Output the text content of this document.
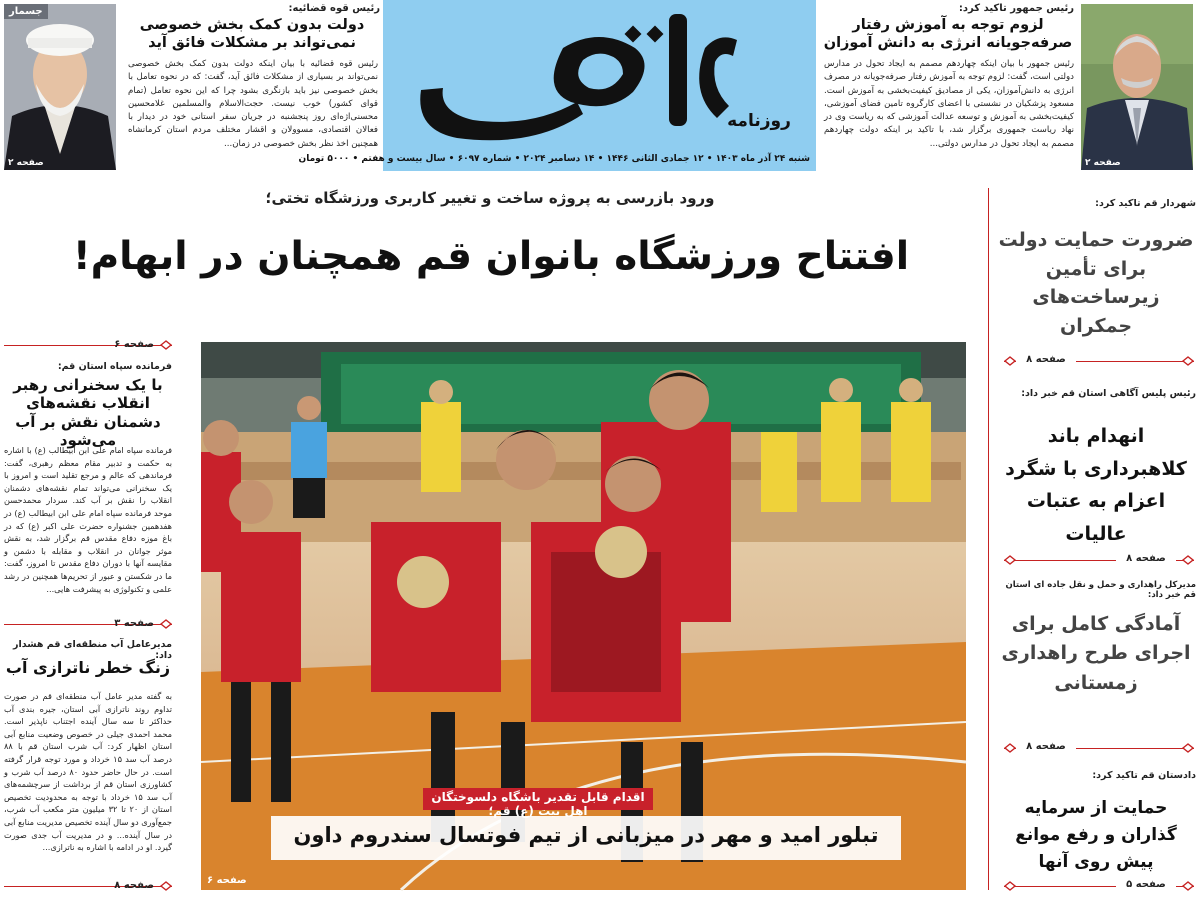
جسمار
صفحه ۲
رئیس قوه قضائیه:
دولت بدون کمک بخش خصوصی نمی‌تواند بر مشکلات فائق آید
رئیس قوه قضائیه با بیان اینکه دولت بدون کمک بخش خصوصی نمی‌تواند بر بسیاری از مشکلات فائق آید، گفت: که در نحوه تعامل با بخش خصوصی نیز باید بازنگری بشود چرا که این نحوه تعامل (تمام قوای کشور) خوب نیست. حجت‌الاسلام والمسلمین غلامحسین محسنی‌اژه‌ای روز پنجشنبه در جریان سفر استانی خود در دیدار با فعالان اقتصادی، مسوولان و اقشار مختلف مردم استان کرمانشاه همچنین اخذ نظر بخش خصوصی در زمان...
روزنامه
شنبه ۲۴ آذر ماه ۱۴۰۳ • ۱۲ جمادی الثانی ۱۴۴۶ • ۱۴ دسامبر ۲۰۲۴ • شماره ۶۰۹۷ • سال بیست و هفتم • ۵۰۰۰ تومان
رئیس جمهور تاکید کرد:
لزوم توجه به آموزش رفتار صرفه‌جویانه انرژی به دانش آموزان
رئیس جمهور با بیان اینکه چهاردهم مصمم به ایجاد تحول در مدارس دولتی است، گفت: لزوم توجه به آموزش رفتار صرفه‌جویانه در مصرف انرژی به دانش‌آموزان، یکی از مصادیق کیفیت‌بخشی به آموزش است. مسعود پزشکیان در نشستی با اعضای کارگروه تامین فضای آموزشی، کیفیت‌بخشی به آموزش و توسعه عدالت آموزشی که به ریاست وی در نهاد ریاست جمهوری برگزار شد، با تاکید بر اینکه دولت چهاردهم مصمم به ایجاد تحول در مدارس دولتی...
صفحه ۲
ورود بازرسی به پروژه ساخت و تغییر کاربری ورزشگاه تختی؛
افتتاح ورزشگاه بانوان قم همچنان در ابهام!
اقدام قابل تقدیر باشگاه دلسوختگان اهل بیت (ع) قم؛
تبلور امید و مهر در میزبانی از تیم فوتسال سندروم داون
صفحه ۶
صفحه ۶
فرمانده سپاه استان قم:
با یک سخنرانی رهبر انقلاب نقشه‌های دشمنان نقش بر آب می‌شود
فرمانده سپاه امام علی ابن ابیطالب (ع) با اشاره به حکمت و تدبیر مقام معظم رهبری، گفت: فرماندهی که عالم و مرجع تقلید است و امروز با یک سخنرانی می‌تواند تمام نقشه‌های دشمنان انقلاب را نقش بر آب کند. سردار محمدحسن موحد فرمانده سپاه امام علی ابن ابیطالب (ع) در هفدهمین جشنواره حضرت علی اکبر (ع) که در باغ موزه دفاع مقدس قم برگزار شد، به نقش موثر جوانان در انقلاب و مقابله با دشمن و مقایسه آنها با دوران دفاع مقدس تا امروز، گفت: ما در شکستن و عبور از تحریم‌ها همچنین در رشد علمی و تکنولوژی به پیشرفت هایی...
صفحه ۳
مدیرعامل آب منطقه‌ای قم هشدار داد:
زنگ خطر ناترازی آب
به گفته مدیر عامل آب منطقه‌ای قم در صورت تداوم روند ناترازی آبی استان، جیره بندی آب حداکثر تا سه سال آینده اجتناب ناپذیر است. محمد احمدی جیلی در خصوص وضعیت منابع آبی استان اظهار کرد: آب شرب استان قم با ۸۸ درصد آب سد ۱۵ خرداد و مورد توجه قرار گرفته است. در حال حاضر حدود ۸۰ درصد آب شرب و کشاورزی استان قم از برداشت از سرچشمه‌های آب سد ۱۵ خرداد با توجه به محدودیت تخصیص استان از ۲۰ تا ۳۲ میلیون متر مکعب آب شرب، جمع‌آوری دو سال آینده تخصیص مدیریت منابع آبی در سال آینده... و در مدیریت آب جدی صورت گیرد. او در ادامه با اشاره به ناترازی...
صفحه ۸
شهردار قم تاکید کرد:
ضرورت حمایت دولت برای تأمین زیرساخت‌های جمکران
صفحه ۸
رئیس پلیس آگاهی استان قم خبر داد:
انهدام باند کلاهبرداری با شگرد اعزام به عتبات عالیات
صفحه ۸
مدیرکل راهداری و حمل و نقل جاده ای استان قم خبر داد:
آمادگی کامل برای اجرای طرح راهداری زمستانی
صفحه ۸
دادستان قم تاکید کرد:
حمایت از سرمایه گذاران و رفع موانع پیش روی آنها
صفحه ۵
